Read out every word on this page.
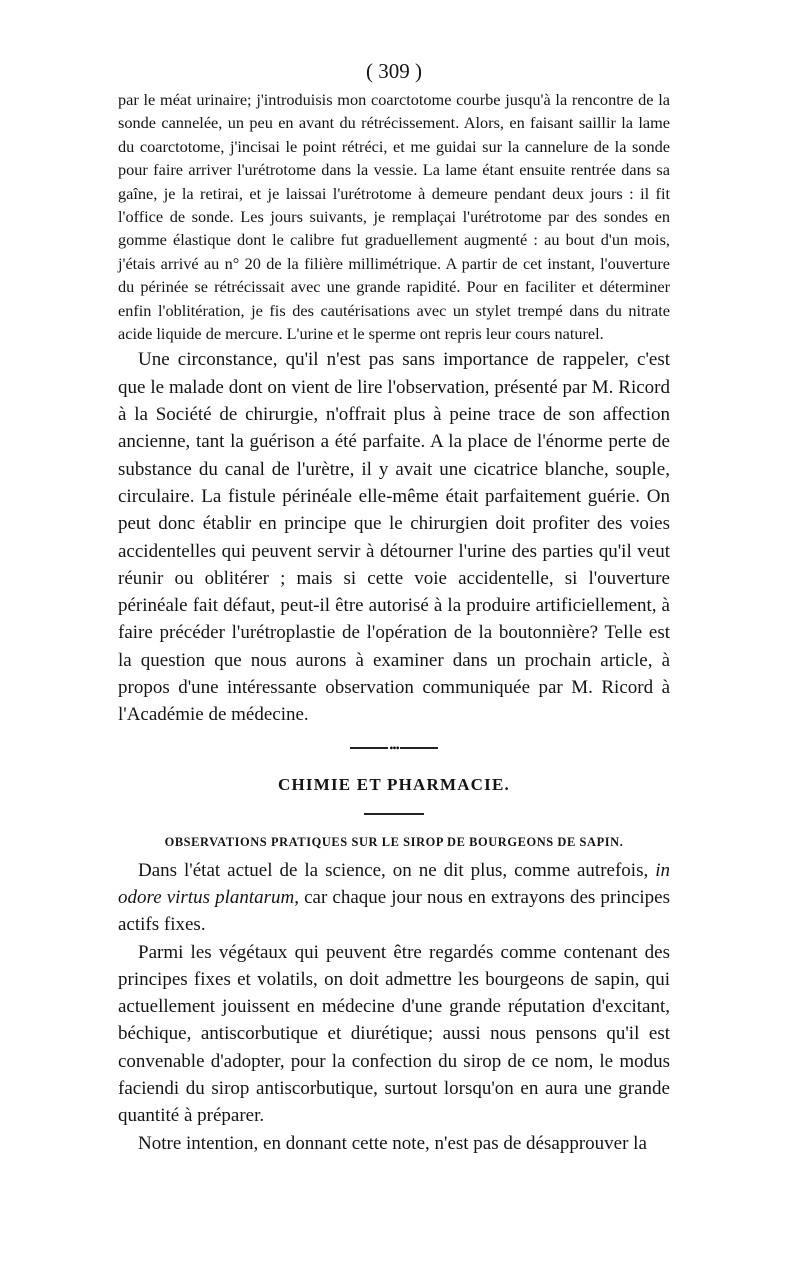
( 309 )

par le méat urinaire; j'introduisis mon coarctotome courbe jusqu'à la rencontre de la sonde cannelée, un peu en avant du rétrécissement. Alors, en faisant saillir la lame du coarctotome, j'incisai le point rétréci, et me guidai sur la cannelure de la sonde pour faire arriver l'urétrotome dans la vessie. La lame étant ensuite rentrée dans sa gaîne, je la retirai, et je laissai l'urétrotome à demeure pendant deux jours : il fit l'office de sonde. Les jours suivants, je remplaçai l'urétrotome par des sondes en gomme élastique dont le calibre fut graduellement augmenté : au bout d'un mois, j'étais arrivé au n° 20 de la filière millimétrique. A partir de cet instant, l'ouverture du périnée se rétrécissait avec une grande rapidité. Pour en faciliter et déterminer enfin l'oblitération, je fis des cautérisations avec un stylet trempé dans du nitrate acide liquide de mercure. L'urine et le sperme ont repris leur cours naturel.

Une circonstance, qu'il n'est pas sans importance de rappeler, c'est que le malade dont on vient de lire l'observation, présenté par M. Ricord à la Société de chirurgie, n'offrait plus à peine trace de son affection ancienne, tant la guérison a été parfaite. A la place de l'énorme perte de substance du canal de l'urètre, il y avait une cicatrice blanche, souple, circulaire. La fistule périnéale elle-même était parfaitement guérie. On peut donc établir en principe que le chirurgien doit profiter des voies accidentelles qui peuvent servir à détourner l'urine des parties qu'il veut réunir ou oblitérer ; mais si cette voie accidentelle, si l'ouverture périnéale fait défaut, peut-il être autorisé à la produire artificiellement, à faire précéder l'urétroplastie de l'opération de la boutonnière? Telle est la question que nous aurons à examiner dans un prochain article, à propos d'une intéressante observation communiquée par M. Ricord à l'Académie de médecine.

•••
CHIMIE ET PHARMACIE.
OBSERVATIONS PRATIQUES SUR LE SIROP DE BOURGEONS DE SAPIN.

Dans l'état actuel de la science, on ne dit plus, comme autrefois, in odore virtus plantarum, car chaque jour nous en extrayons des principes actifs fixes.

Parmi les végétaux qui peuvent être regardés comme contenant des principes fixes et volatils, on doit admettre les bourgeons de sapin, qui actuellement jouissent en médecine d'une grande réputation d'excitant, béchique, antiscorbutique et diurétique; aussi nous pensons qu'il est convenable d'adopter, pour la confection du sirop de ce nom, le modus faciendi du sirop antiscorbutique, surtout lorsqu'on en aura une grande quantité à préparer.

Notre intention, en donnant cette note, n'est pas de désapprouver la
